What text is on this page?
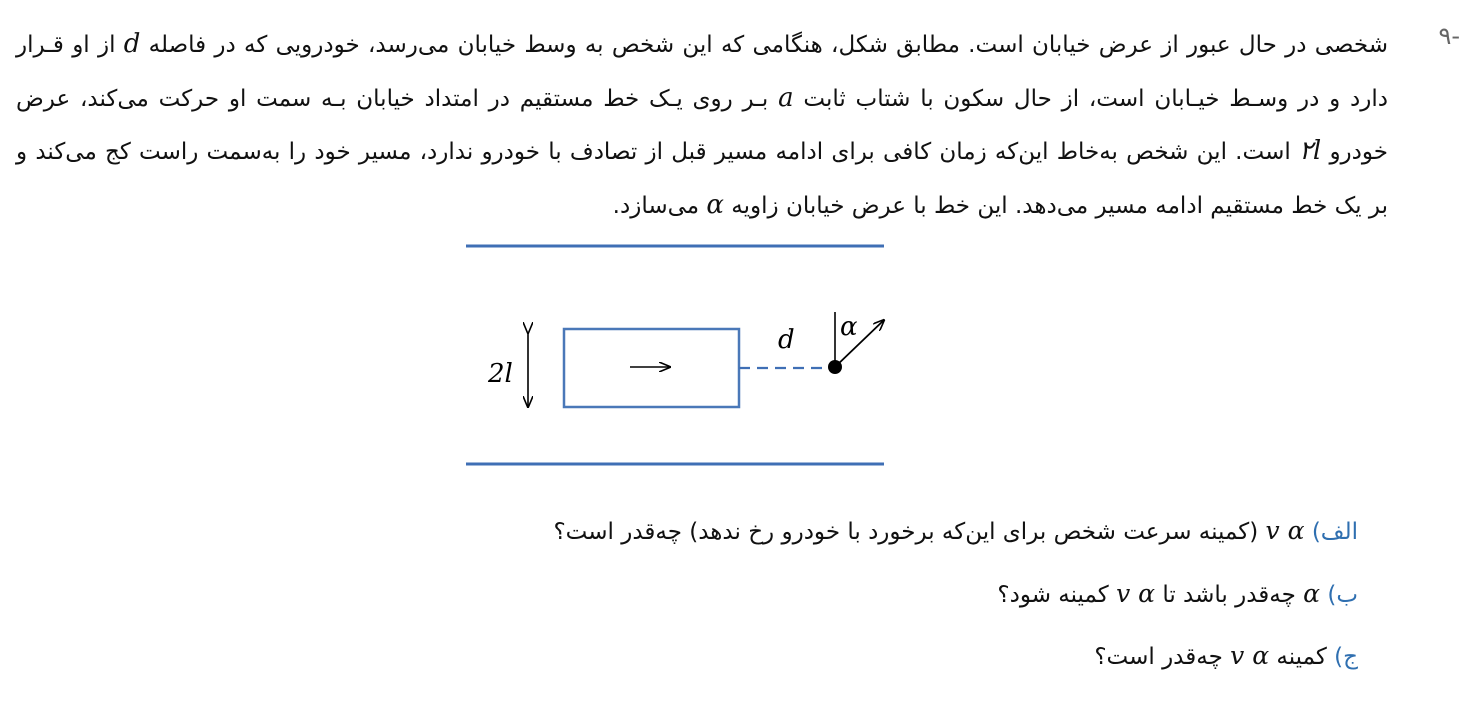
-۹

شخصی در حال عبور از عرض خیابان است. مطابق شکل، هنگامی که این شخص به وسط خیابان می‌رسد، خودرویی که در فاصله d از او قـرار دارد و در وسـط خیـابان است، از حال سکون با شتاب ثابت a بـر روی یـک خط مستقیم در امتداد خیابان بـه سمت او حرکت می‌کند، عرض خودرو ۲l است. این شخص به‌خاط این‌که زمان کافی برای ادامه مسیر قبل از تصادف با خودرو ندارد، مسیر خود را به‌سمت راست کج می‌کند و بر یک خط مستقیم ادامه مسیر می‌دهد. این خط با عرض خیابان زاویه α می‌سازد.

2l
d α

الف) v α (کمینه سرعت شخص برای این‌که برخورد با خودرو رخ ندهد) چه‌قدر است؟

ب) α چه‌قدر باشد تا v α کمینه شود؟

ج) کمینه v α چه‌قدر است؟
